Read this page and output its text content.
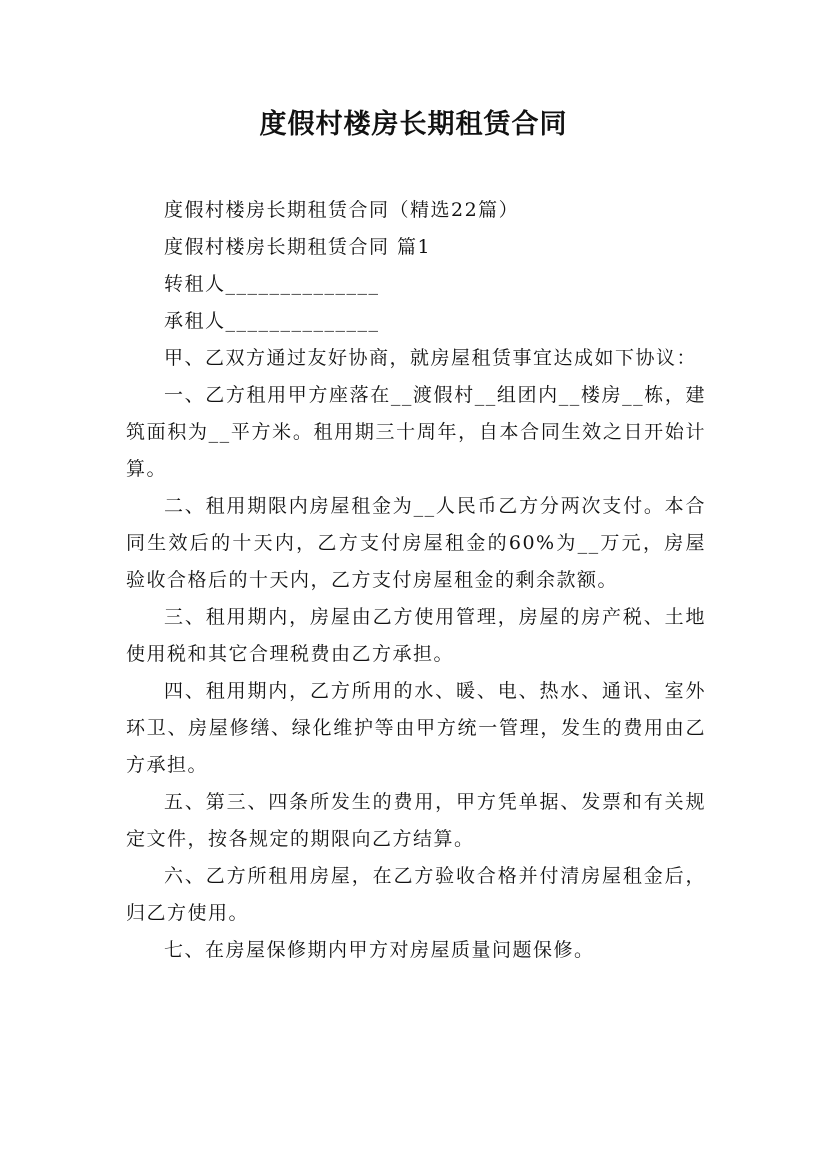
度假村楼房长期租赁合同

度假村楼房长期租赁合同（精选22篇）

度假村楼房长期租赁合同 篇1

转租人______________

承租人______________

甲、乙双方通过友好协商，就房屋租赁事宜达成如下协议：

一、乙方租用甲方座落在__渡假村__组团内__楼房__栋，建筑面积为__平方米。租用期三十周年，自本合同生效之日开始计算。

二、租用期限内房屋租金为__人民币乙方分两次支付。本合同生效后的十天内，乙方支付房屋租金的60%为__万元，房屋验收合格后的十天内，乙方支付房屋租金的剩余款额。

三、租用期内，房屋由乙方使用管理，房屋的房产税、土地使用税和其它合理税费由乙方承担。

四、租用期内，乙方所用的水、暖、电、热水、通讯、室外环卫、房屋修缮、绿化维护等由甲方统一管理，发生的费用由乙方承担。

五、第三、四条所发生的费用，甲方凭单据、发票和有关规定文件，按各规定的期限向乙方结算。

六、乙方所租用房屋，在乙方验收合格并付清房屋租金后，归乙方使用。

七、在房屋保修期内甲方对房屋质量问题保修。
